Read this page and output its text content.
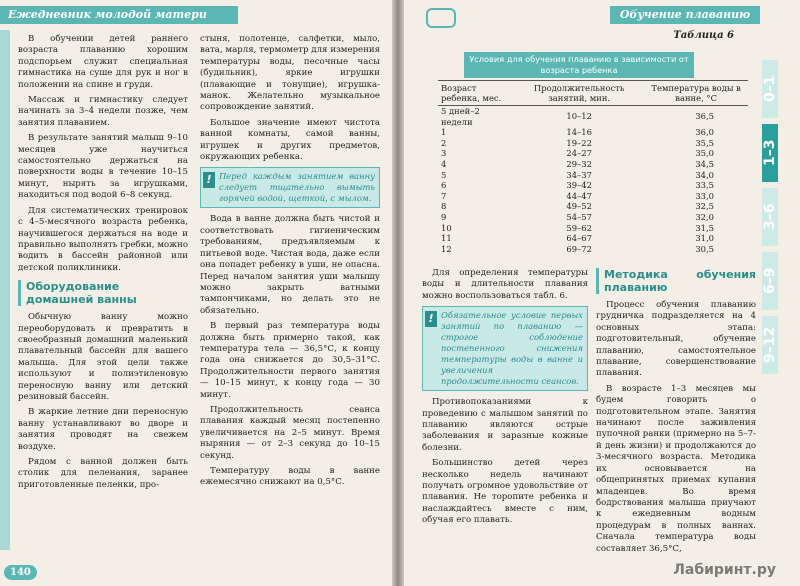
Ежедневник молодой матери

В обучении детей раннего возраста плаванию хорошим подспорьем служит специальная гимнастика на суше для рук и ног в положении на спине и груди.

Массаж и гимнастику следует начинать за 3–4 недели позже, чем занятия плаванием.

В результате занятий малыш 9–10 месяцев уже научиться самостоятельно держаться на поверхности воды в течение 10–15 минут, нырять за игрушками, находиться под водой 6–8 секунд.

Для систематических тренировок с 4–5-месячного возраста ребенка, научившегося держаться на воде и правильно выполнять гребки, можно водить в бассейн районной или детской поликлиники.

Оборудование домашней ванны

Обычную ванну можно переоборудовать и превратить в своеобразный домашний маленький плавательный бассейн для вашего малыша. Для этой цели также используют и полиэтиленовую переносную ванну или детский резиновый бассейн.

В жаркие летние дни переносную ванну устанавливают во дворе и занятия проводят на свежем воздухе.

Рядом с ванной должен быть столик для пеленания, заранее приготовленные пеленки, про-

стыня, полотенце, салфетки, мыло, вата, марля, термометр для измерения температуры воды, песочные часы (будильник), яркие игрушки (плавающие и тонущие), игрушка-манок. Желательно музыкальное сопровождение занятий.

Большое значение имеют чистота ванной комнаты, самой ванны, игрушек и других предметов, окружающих ребенка.

! Перед каждым занятием ванну следует тщательно вымыть горячей водой, щеткой, с мылом.

Вода в ванне должна быть чистой и соответствовать гигиеническим требованиям, предъявляемым к питьевой воде. Чистая вода, даже если она попадет ребенку в уши, не опасна. Перед началом занятия уши малышу можно закрыть ватными тампончиками, но делать это не обязательно.

В первый раз температура воды должна быть примерно такой, как температура тела — 36,5°С, к концу года она снижается до 30,5–31°С. Продолжительности первого занятия — 10–15 минут, к концу года — 30 минут.

Продолжительность сеанса плавания каждый месяц постепенно увеличивается на 2–5 минут. Время ныряния — от 2–3 секунд до 10–15 секунд.

Температуру воды в ванне ежемесячно снижают на 0,5°С.

140
Обучение плаванию
Таблица 6
Условия для обучения плаванию в зависимости от возраста ребенка
Возраст ребенка, мес.	Продолжительность занятий, мин.	Температура воды в ванне, °С
5 дней–2 недели	10–12	36,5
1	14–16	36,0
2	19–22	35,5
3	24–27	35,0
4	29–32	34,5
5	34–37	34,0
6	39–42	33,5
7	44–47	33,0
8	49–52	32,5
9	54–57	32,0
10	59–62	31,5
11	64–67	31,0
12	69–72	30,5

Для определения температуры воды и длительности плавания можно воспользоваться табл. 6.

! Обязательное условие первых занятий по плаванию — строгое соблюдение постепенного снижения температуры воды в ванне и увеличения продолжительности сеансов.

Противопоказаниями к проведению с малышом занятий по плаванию являются острые заболевания и заразные кожные болезни.

Большинство детей через несколько недель начинают получать огромное удовольствие от плавания. Не торопите ребенка и наслаждайтесь вместе с ним, обучая его плавать.

Методика обучения плаванию

Процесс обучения плаванию грудничка подразделяется на 4 основных этапа: подготовительный, обучение плаванию, самостоятельное плавание, совершенствование плавания.

В возрасте 1–3 месяцев мы будем говорить о подготовительном этапе. Занятия начинают после заживления пупочной ранки (примерно на 5–7-й день жизни) и продолжаются до 3-месячного возраста. Методика их основывается на общепринятых приемах купания младенцев. Во время бодрствования малыша приучают к ежедневным водным процедурам в полных ваннах. Сначала температура воды составляет 36,5°С,

0–1
1–3
3–6
6–9
9–12
Лабиринт.ру
